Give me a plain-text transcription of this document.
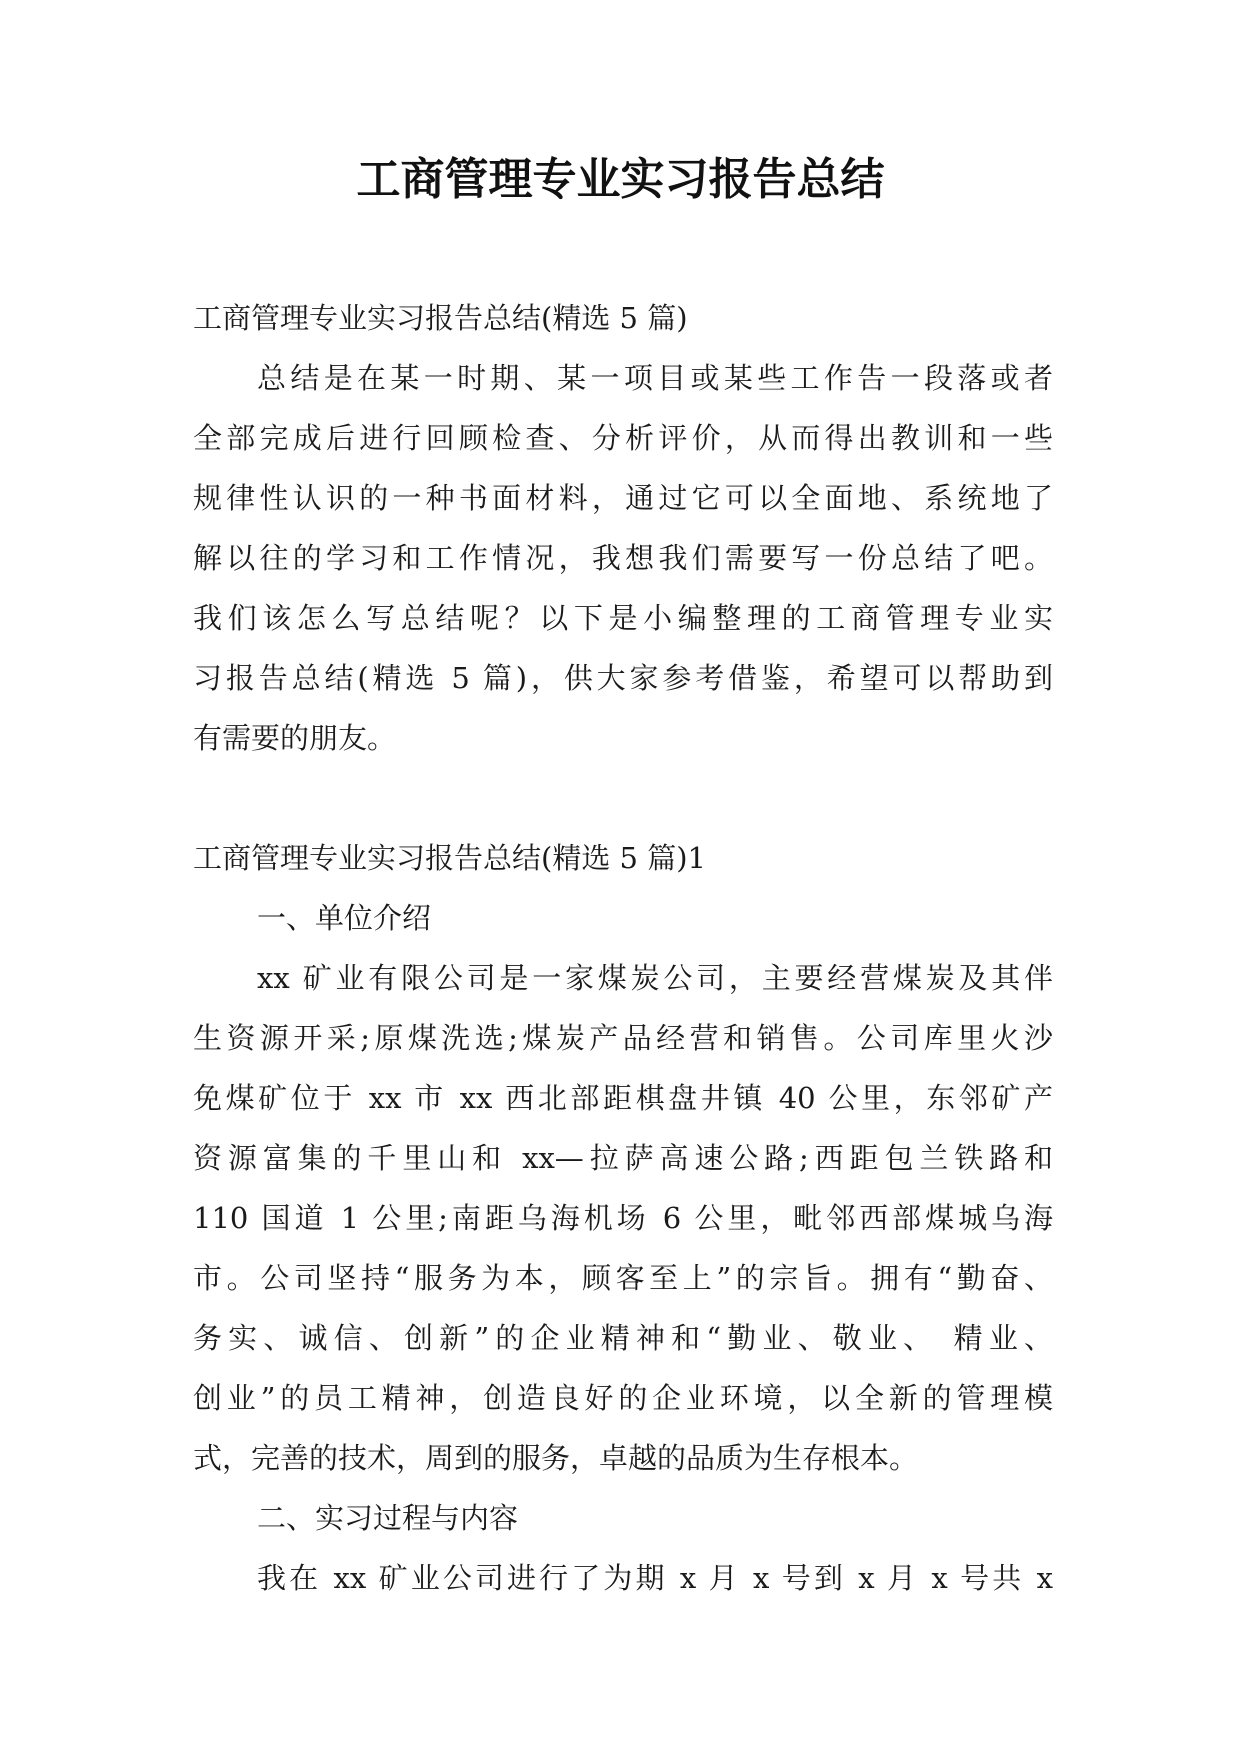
工商管理专业实习报告总结
工商管理专业实习报告总结(精选 5 篇)
总结是在某一时期、某一项目或某些工作告一段落或者
全部完成后进行回顾检查、分析评价，从而得出教训和一些
规律性认识的一种书面材料，通过它可以全面地、系统地了
解以往的学习和工作情况，我想我们需要写一份总结了吧。
我们该怎么写总结呢？以下是小编整理的工商管理专业实
习报告总结(精选 5 篇)，供大家参考借鉴，希望可以帮助到
有需要的朋友。
工商管理专业实习报告总结(精选 5 篇)1
一、单位介绍
xx 矿业有限公司是一家煤炭公司，主要经营煤炭及其伴
生资源开采;原煤洗选;煤炭产品经营和销售。公司库里火沙
免煤矿位于 xx 市 xx 西北部距棋盘井镇 40 公里，东邻矿产
资源富集的千里山和 xx—拉萨高速公路;西距包兰铁路和
110 国道 1 公里;南距乌海机场 6 公里，毗邻西部煤城乌海
市。公司坚持“服务为本，顾客至上”的宗旨。拥有“勤奋、
务实、诚信、创新”的企业精神和“勤业、敬业、 精业、
创业”的员工精神，创造良好的企业环境，以全新的管理模
式，完善的技术，周到的服务，卓越的品质为生存根本。
二、实习过程与内容
我在 xx 矿业公司进行了为期 x 月 x 号到 x 月 x 号共 x
